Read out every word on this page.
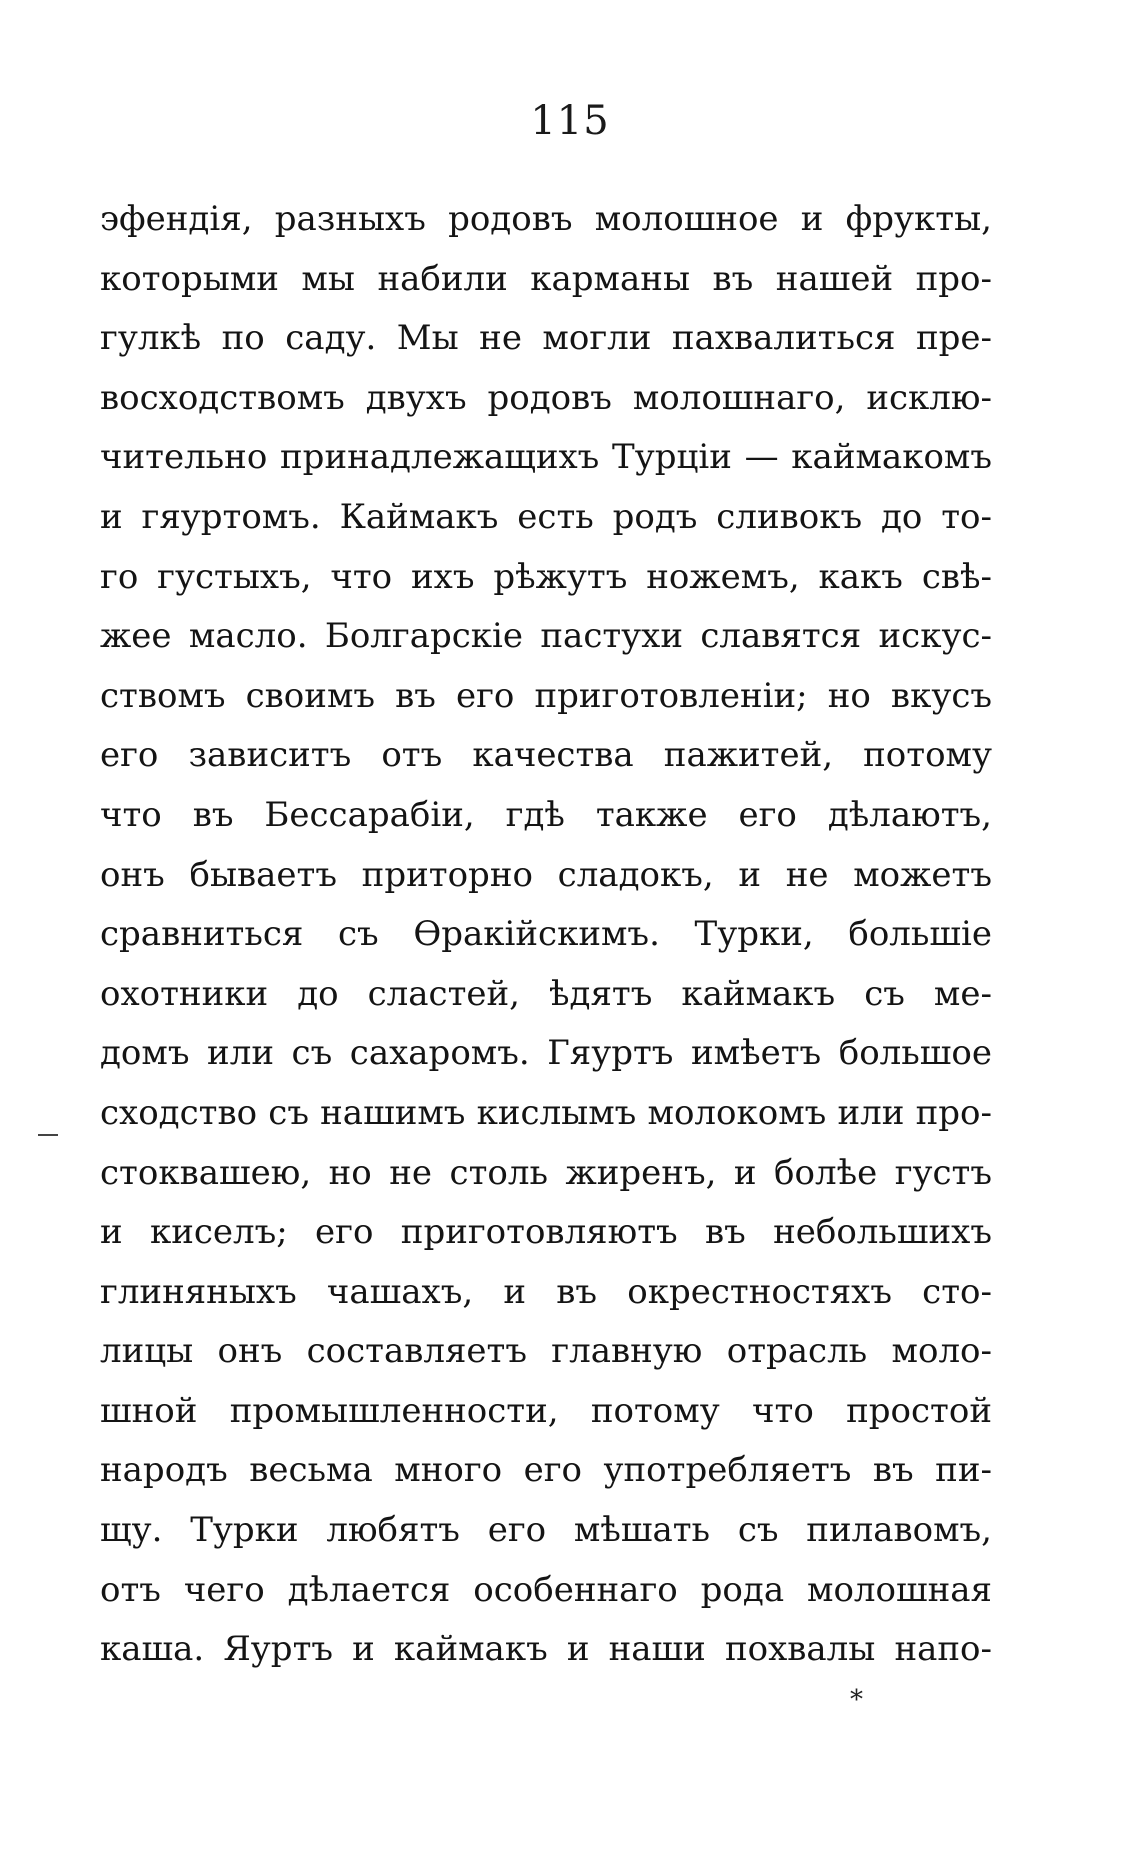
115
эфендія, разныхъ родовъ молошное и фрукты,
которыми мы набили карманы въ нашей про-
гулкѣ по саду. Мы не могли пахвалиться пре-
восходствомъ двухъ родовъ молошнаго, исклю-
чительно принадлежащихъ Турціи — каймакомъ
и гяуртомъ. Каймакъ есть родъ сливокъ до то-
го густыхъ, что ихъ рѣжутъ ножемъ, какъ свѣ-
жее масло. Болгарскіе пастухи славятся искус-
ствомъ своимъ въ его приготовленіи; но вкусъ
его зависитъ отъ качества пажитей, потому
что въ Бессарабіи, гдѣ также его дѣлаютъ,
онъ бываетъ приторно сладокъ, и не можетъ
сравниться съ Ѳракійскимъ. Турки, большіе
охотники до сластей, ѣдятъ каймакъ съ ме-
домъ или съ сахаромъ. Гяуртъ имѣетъ большое
сходство съ нашимъ кислымъ молокомъ или про-
стоквашею, но не столь жиренъ, и болѣе густъ
и киселъ; его приготовляютъ въ небольшихъ
глиняныхъ чашахъ, и въ окрестностяхъ сто-
лицы онъ составляетъ главную отрасль моло-
шной промышленности, потому что простой
народъ весьма много его употребляетъ въ пи-
щу. Турки любятъ его мѣшать съ пилавомъ,
отъ чего дѣлается особеннаго рода молошная
каша. Яуртъ и каймакъ и наши похвалы напо-
*
